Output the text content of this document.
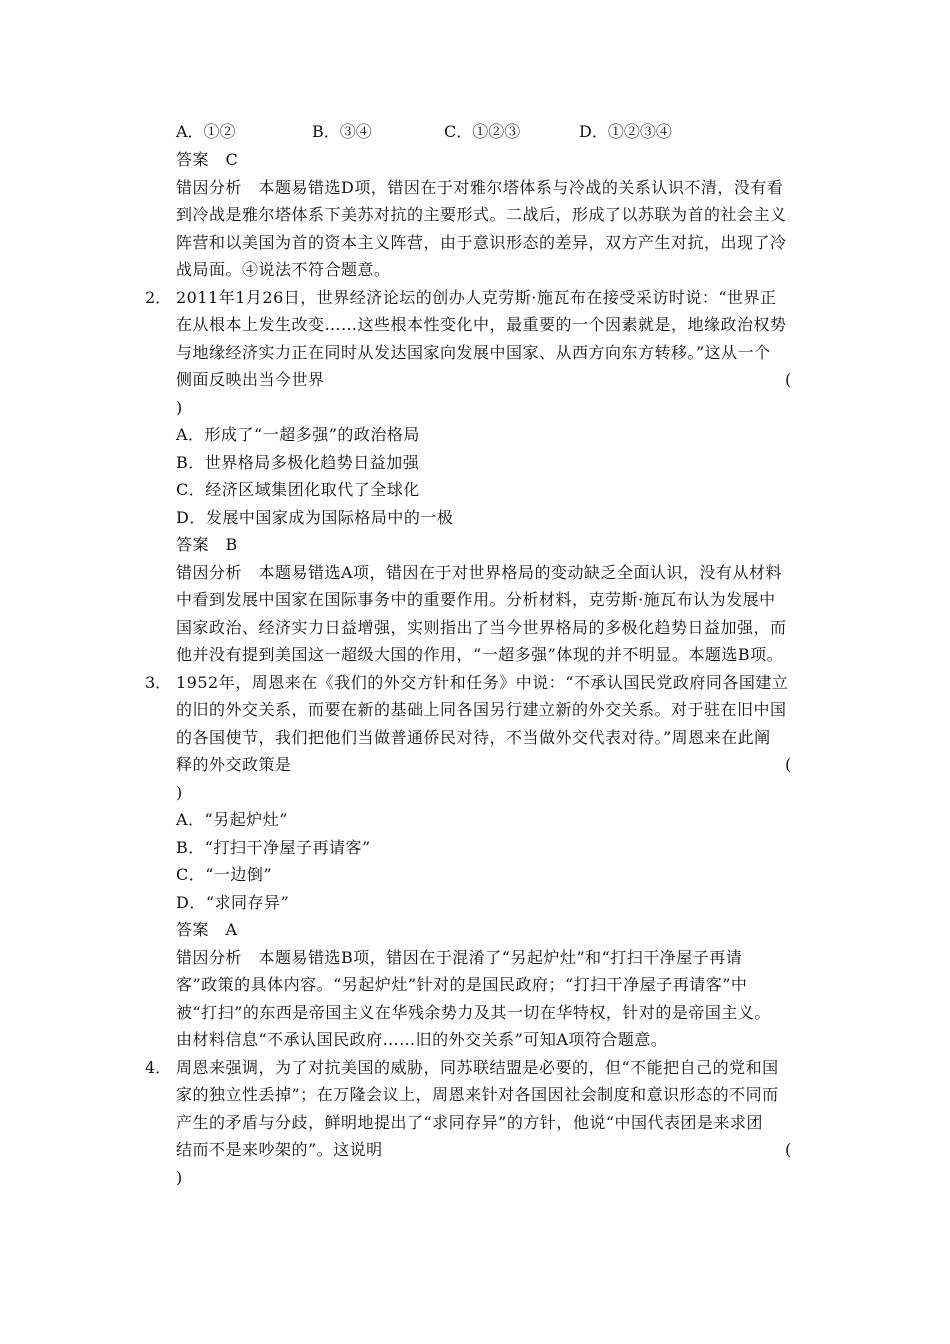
A．①②	B．③④	C．①②③	D．①②③④
答案　C
错因分析　本题易错选D项，错因在于对雅尔塔体系与冷战的关系认识不清，没有看
到冷战是雅尔塔体系下美苏对抗的主要形式。二战后，形成了以苏联为首的社会主义
阵营和以美国为首的资本主义阵营，由于意识形态的差异，双方产生对抗，出现了冷
战局面。④说法不符合题意。
2． 2011年1月26日，世界经济论坛的创办人克劳斯·施瓦布在接受采访时说：“世界正
在从根本上发生改变……这些根本性变化中，最重要的一个因素就是，地缘政治权势
与地缘经济实力正在同时从发达国家向发展中国家、从西方向东方转移。”这从一个
侧面反映出当今世界	(
)
A．形成了“一超多强”的政治格局
B．世界格局多极化趋势日益加强
C．经济区域集团化取代了全球化
D．发展中国家成为国际格局中的一极
答案　B
错因分析　本题易错选A项，错因在于对世界格局的变动缺乏全面认识，没有从材料
中看到发展中国家在国际事务中的重要作用。分析材料，克劳斯·施瓦布认为发展中
国家政治、经济实力日益增强，实则指出了当今世界格局的多极化趋势日益加强，而
他并没有提到美国这一超级大国的作用，“一超多强”体现的并不明显。本题选B项。
3． 1952年，周恩来在《我们的外交方针和任务》中说：“不承认国民党政府同各国建立
的旧的外交关系，而要在新的基础上同各国另行建立新的外交关系。对于驻在旧中国
的各国使节，我们把他们当做普通侨民对待，不当做外交代表对待。”周恩来在此阐
释的外交政策是	(
)
A．“另起炉灶”
B．“打扫干净屋子再请客”
C．“一边倒”
D．“求同存异”
答案　A
错因分析　本题易错选B项，错因在于混淆了“另起炉灶”和“打扫干净屋子再请
客”政策的具体内容。“另起炉灶”针对的是国民政府；“打扫干净屋子再请客”中
被“打扫”的东西是帝国主义在华残余势力及其一切在华特权，针对的是帝国主义。
由材料信息“不承认国民政府……旧的外交关系”可知A项符合题意。
4． 周恩来强调，为了对抗美国的威胁，同苏联结盟是必要的，但“不能把自己的党和国
家的独立性丢掉”；在万隆会议上，周恩来针对各国因社会制度和意识形态的不同而
产生的矛盾与分歧，鲜明地提出了“求同存异”的方针，他说“中国代表团是来求团
结而不是来吵架的”。这说明	(
)
